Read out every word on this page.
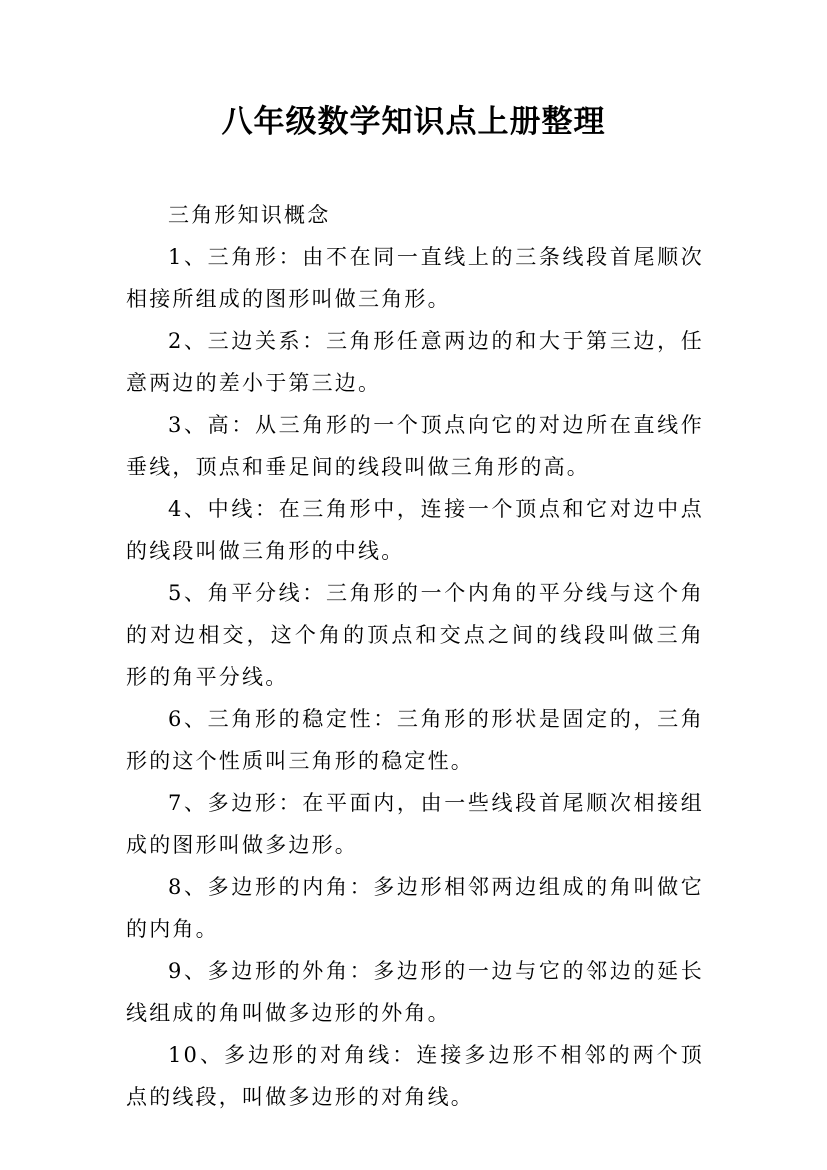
八年级数学知识点上册整理

三角形知识概念

1、三角形：由不在同一直线上的三条线段首尾顺次相接所组成的图形叫做三角形。

2、三边关系：三角形任意两边的和大于第三边，任意两边的差小于第三边。

3、高：从三角形的一个顶点向它的对边所在直线作垂线，顶点和垂足间的线段叫做三角形的高。

4、中线：在三角形中，连接一个顶点和它对边中点的线段叫做三角形的中线。

5、角平分线：三角形的一个内角的平分线与这个角的对边相交，这个角的顶点和交点之间的线段叫做三角形的角平分线。

6、三角形的稳定性：三角形的形状是固定的，三角形的这个性质叫三角形的稳定性。

7、多边形：在平面内，由一些线段首尾顺次相接组成的图形叫做多边形。

8、多边形的内角：多边形相邻两边组成的角叫做它的内角。

9、多边形的外角：多边形的一边与它的邻边的延长线组成的角叫做多边形的外角。

10、多边形的对角线：连接多边形不相邻的两个顶点的线段，叫做多边形的对角线。
